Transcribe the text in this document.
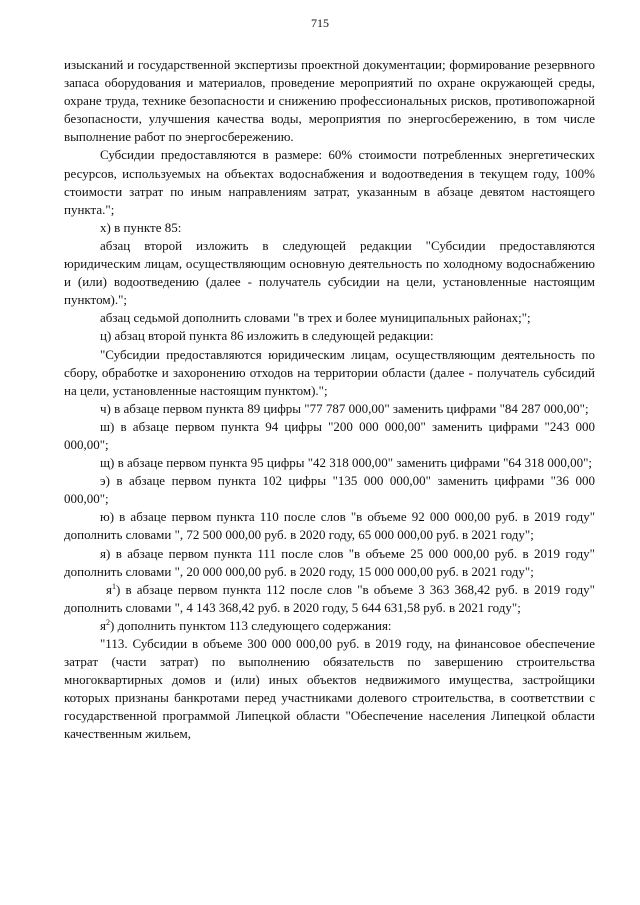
715

изысканий и государственной экспертизы проектной документации; формирование резервного запаса оборудования и материалов, проведение мероприятий по охране окружающей среды, охране труда, технике безопасности и снижению профессиональных рисков, противопожарной безопасности, улучшения качества воды, мероприятия по энергосбережению, в том числе выполнение работ по энергосбережению.

Субсидии предоставляются в размере: 60% стоимости потребленных энергетических ресурсов, используемых на объектах водоснабжения и водоотведения в текущем году, 100% стоимости затрат по иным направлениям затрат, указанным в абзаце девятом настоящего пункта.";

х) в пункте 85:

абзац второй изложить в следующей редакции "Субсидии предоставляются юридическим лицам, осуществляющим основную деятельность по холодному водоснабжению и (или) водоотведению (далее - получатель субсидии на цели, установленные настоящим пунктом).";

абзац седьмой дополнить словами "в трех и более муниципальных районах;";

ц) абзац второй пункта 86 изложить в следующей редакции:

"Субсидии предоставляются юридическим лицам, осуществляющим деятельность по сбору, обработке и захоронению отходов на территории области (далее - получатель субсидий на цели, установленные настоящим пунктом).";

ч) в абзаце первом пункта 89 цифры "77 787 000,00" заменить цифрами "84 287 000,00";

ш) в абзаце первом пункта 94 цифры "200 000 000,00" заменить цифрами "243 000 000,00";

щ) в абзаце первом пункта 95 цифры "42 318 000,00" заменить цифрами "64 318 000,00";

э) в абзаце первом пункта 102 цифры "135 000 000,00" заменить цифрами "36 000 000,00";

ю) в абзаце первом пункта 110 после слов "в объеме 92 000 000,00 руб. в 2019 году" дополнить словами ", 72 500 000,00 руб. в 2020 году, 65 000 000,00 руб. в 2021 году";

я) в абзаце первом пункта 111 после слов "в объеме 25 000 000,00 руб. в 2019 году" дополнить словами ", 20 000 000,00 руб. в 2020 году, 15 000 000,00 руб. в 2021 году";

$я^1$) в абзаце первом пункта 112 после слов "в объеме 3 363 368,42 руб. в 2019 году" дополнить словами ", 4 143 368,42 руб. в 2020 году, 5 644 631,58 руб. в 2021 году";

$я^2$) дополнить пунктом 113 следующего содержания:

"113. Субсидии в объеме 300 000 000,00 руб. в 2019 году, на финансовое обеспечение затрат (части затрат) по выполнению обязательств по завершению строительства многоквартирных домов и (или) иных объектов недвижимого имущества, застройщики которых признаны банкротами перед участниками долевого строительства, в соответствии с государственной программой Липецкой области "Обеспечение населения Липецкой области качественным жильем,
